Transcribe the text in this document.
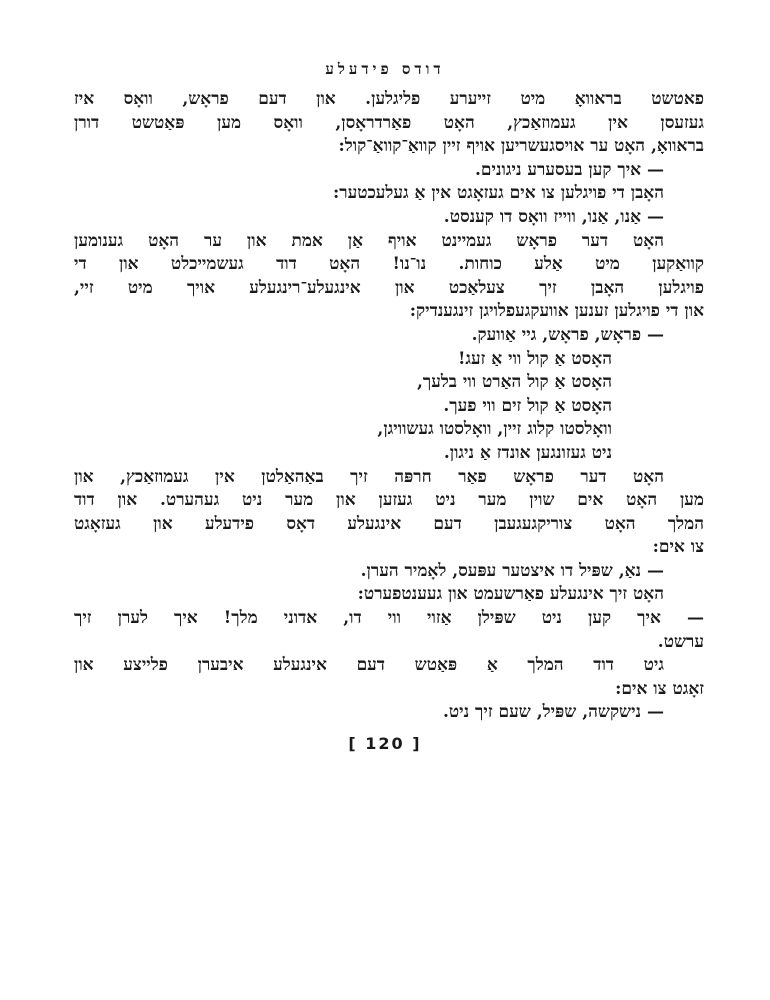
דודס פידעלע
פאטשט בראוואָ מיט זייערע פליגלען. און דעם פראָש, וואָס איז
געזעסן אין געמוזאַכץ, האָט פאַרדראָסן, וואָס מען פּאַטשט דורן
בראוואָ, האָט ער אויסגעשריען אויף זיין קוואַ־קוואַ־קול:
— איך קען בעסערע ניגונים.
האָבן די פויגלען צו אים געזאָגט אין אַ געלעכטער:
— אַנו, אַנו, ווייז וואָס דו קענסט.
האָט דער פראָש געמיינט אויף אַן אמת און ער האָט גענומען
קוואַקען מיט אַלע כוחות. נו־נו! האָט דוד געשמייכלט און די
פויגלען האָבן זיך צעלאַכט און אינגעלע־רינגעלע אויך מיט זיי,
און די פויגלען זענען אוועקגעפלויגן זינגענדיק:
— פראָש, פראָש, גיי אַוועק.
האָסט אַ קול ווי אַ זעג!
האָסט אַ קול האַרט ווי בלעך,
האָסט אַ קול זים ווי פעך.
וואָלסטו קלוג זיין, וואָלסטו געשוויגן,
ניט געזונגען אונדז אַ ניגון.
האָט דער פראָש פאַר חרפּה זיך באַהאַלטן אין געמוזאַכץ, און
מען האָט אים שוין מער ניט געזען און מער ניט געהערט. און דוד
המלך האָט צוריקגעגעבן דעם אינגעלע דאָס פידעלע און געזאָגט
צו אים:
— נאַ, שפּיל דו איצטער עפּעס, לאָמיר הערן.
האָט זיך אינגעלע פאַרשעמט און געענטפערט:
— איך קען ניט שפּילן אַזוי ווי דו, אדוני מלך! איך לערן זיך
ערשט.
גיט דוד המלך אַ פּאַטש דעם אינגעלע איבערן פלייצע און
זאָגט צו אים:
— נישקשה, שפּיל, שעם זיך ניט.
[ 120 ]
